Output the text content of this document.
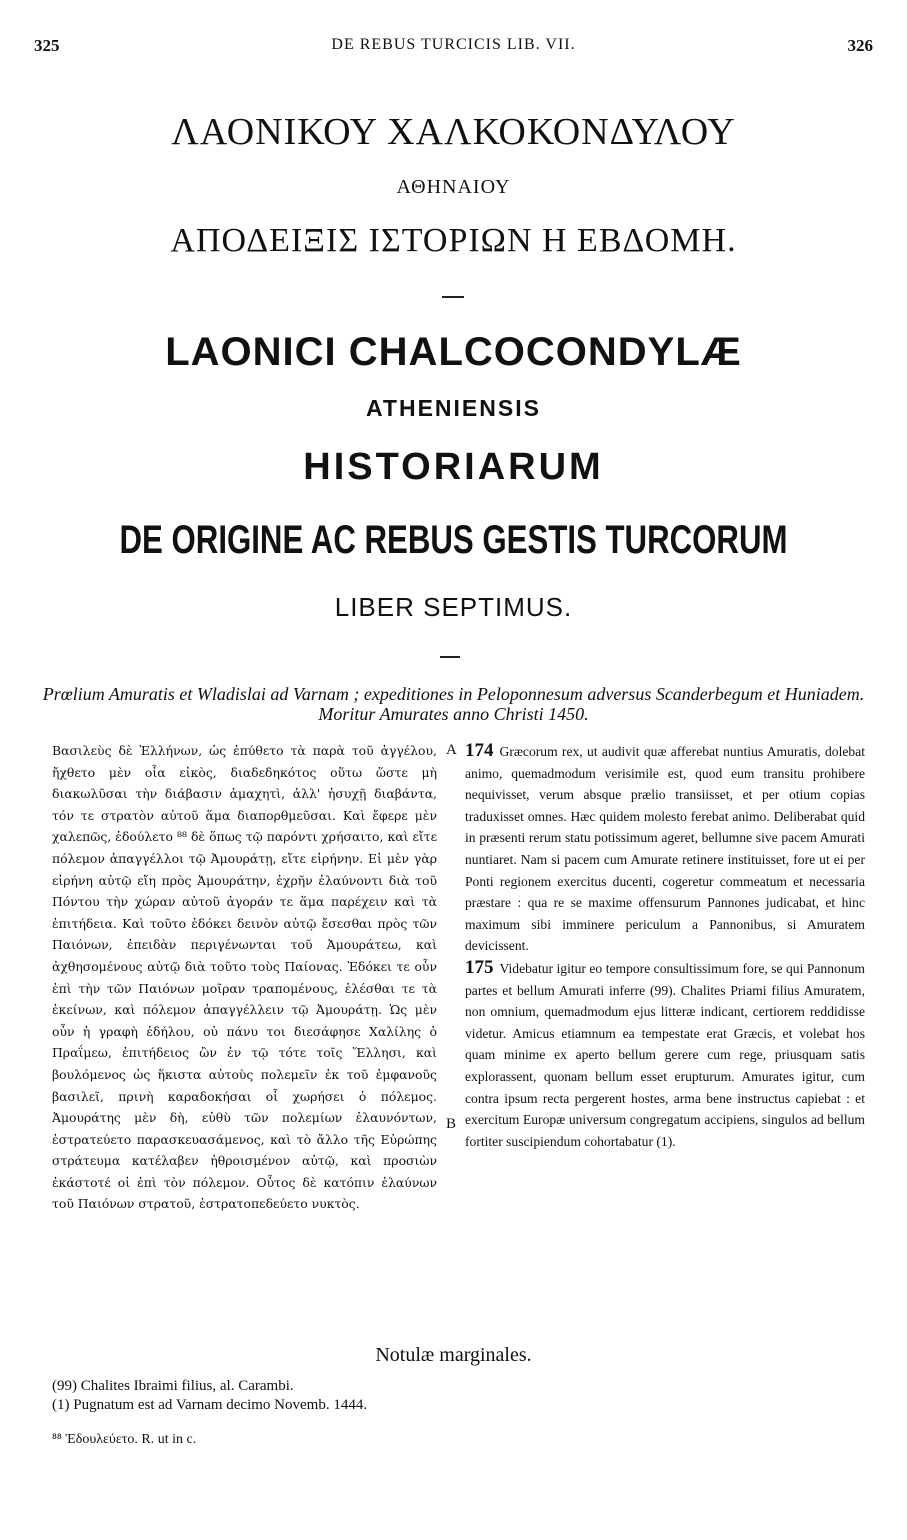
325	DE REBUS TURCICIS LIB. VII.	326
ΛΑΟΝΙΚΟΥ ΧΑΛΚΟΚΟΝΔΥΛΟΥ
ΑΘΗΝΑΙΟΥ
ΑΠΟΔΕΙΞΙΣ ΙΣΤΟΡΙΩΝ Η ΕΒΔΟΜΗ.
LAONICI CHALCOCONDYLÆ
ATHENIENSIS
HISTORIARUM
DE ORIGINE AC REBUS GESTIS TURCORUM
LIBER SEPTIMUS.
Prœlium Amuratis et Wladislai ad Varnam ; expeditiones in Peloponnesum adversus Scanderbegum et Huniadem. Moritur Amurates anno Christi 1450.

Βασιλεὺς δὲ Ἑλλήνων, ὡς ἐπύθετο τὰ παρὰ τοῦ ἀγγέλου, ἤχθετο μὲν οἷα εἰκὸς, διαδεδηκότος οὕτω ὥστε μὴ διακωλῦσαι τὴν διάβασιν ἀμαχητὶ, ἀλλ' ἡσυχῇ διαβάντα, τόν τε στρατὸν αὐτοῦ ἅμα διαπορθμεῦσαι. Καὶ ἔφερε μὲν χαλεπῶς, ἐδούλετο ⁸⁸ δὲ ὅπως τῷ παρόντι χρήσαιτο, καὶ εἴτε πόλεμον ἀπαγγέλλοι τῷ Ἀμουράτῃ, εἴτε εἰρήνην. Εἰ μὲν γὰρ εἰρήνη αὐτῷ εἴη πρὸς Ἀμουράτην, ἐχρῆν ἐλαύνοντι διὰ τοῦ Πόντου τὴν χώραν αὐτοῦ ἀγοράν τε ἅμα παρέχειν καὶ τὰ ἐπιτήδεια. Καὶ τοῦτο ἐδόκει δεινὸν αὐτῷ ἔσεσθαι πρὸς τῶν Παιόνων, ἐπειδὰν περιγένωνται τοῦ Ἀμουράτεω, καὶ ἀχθησομένους αὐτῷ διὰ τοῦτο τοὺς Παίονας. Ἐδόκει τε οὖν ἐπὶ τὴν τῶν Παιόνων μοῖραν τραπομένους, ἑλέσθαι τε τὰ ἐκείνων, καὶ πόλεμον ἀπαγγέλλειν τῷ Ἀμουράτῃ. Ὡς μὲν οὖν ἡ γραφὴ ἐδήλου, οὐ πάνυ τοι διεσάφησε Χαλίλης ὁ Πραΐμεω, ἐπιτήδειος ὢν ἐν τῷ τότε τοῖς Ἕλλησι, καὶ βουλόμενος ὡς ἥκιστα αὐτοὺς πολεμεῖν ἐκ τοῦ ἐμφανοῦς βασιλεῖ, πρινὴ καραδοκήσαι οἷ χωρήσει ὁ πόλεμος. Ἀμουράτης μὲν δὴ, εὐθὺ τῶν πολεμίων ἐλαυνόντων, ἐστρατεύετο παρασκευασάμενος, καὶ τὸ ἄλλο τῆς Εὐρώπης στράτευμα κατέλαβεν ἠθροισμένον αὐτῷ, καὶ προσιὼν ἐκάστοτέ οἱ ἐπὶ τὸν πόλεμον. Οὗτος δὲ κατόπιν ἐλαύνων τοῦ Παιόνων στρατοῦ, ἐστρατοπεδεύετο νυκτὸς.

A
B

174 Græcorum rex, ut audivit quæ afferebat nuntius Amuratis, dolebat animo, quemadmodum verisimile est, quod eum transitu prohibere nequivisset, verum absque prælio transiisset, et per otium copias traduxisset omnes. Hæc quidem molesto ferebat animo. Deliberabat quid in præsenti rerum statu potissimum ageret, bellumne sive pacem Amurati nuntiaret. Nam si pacem cum Amurate retinere instituisset, fore ut ei per Ponti regionem exercitus ducenti, cogeretur commeatum et necessaria præstare : qua re se maxime offensurum Pannones judicabat, et hinc maximum sibi imminere periculum a Pannonibus, si Amuratem devicissent.

175 Videbatur igitur eo tempore consultissimum fore, se qui Pannonum partes et bellum Amurati inferre (99). Chalites Priami filius Amuratem, non omnium, quemadmodum ejus litteræ indicant, certiorem reddidisse videtur. Amicus etiamnum ea tempestate erat Græcis, et volebat hos quam minime ex aperto bellum gerere cum rege, priusquam satis explorassent, quonam bellum esset erupturum. Amurates igitur, cum contra ipsum recta pergerent hostes, arma bene instructus capiebat : et exercitum Europæ universum congregatum accipiens, singulos ad bellum fortiter suscipiendum cohortabatur (1).

Notulæ marginales.
(99) Chalites Ibraimi filius, al. Carambi.
(1) Pugnatum est ad Varnam decimo Novemb. 1444.
⁸⁸ Ἐδουλεύετο. R. ut in c.
